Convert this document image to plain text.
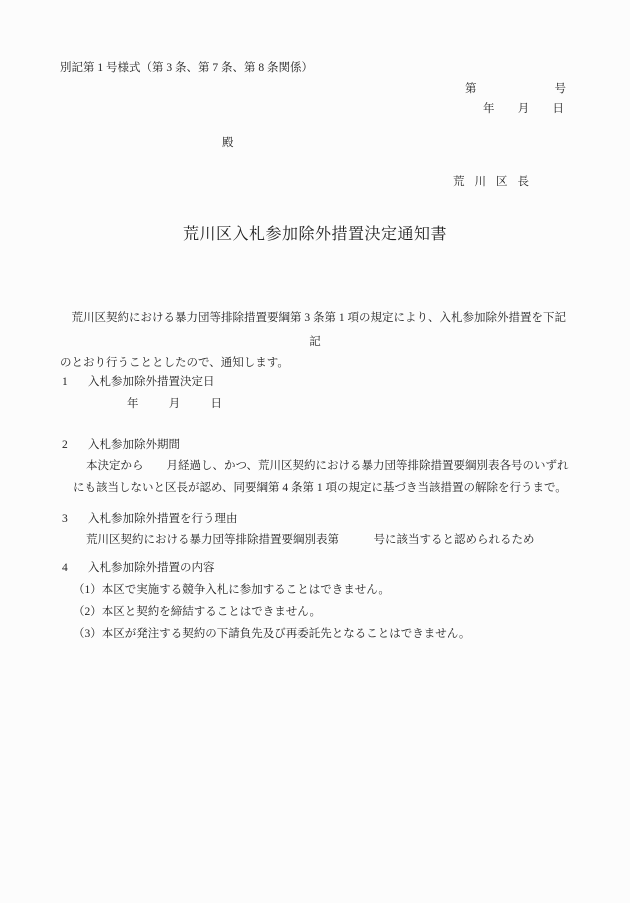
別記第 1 号様式（第 3 条、第 7 条、第 8 条関係）
第	号
年 月 日
殿
荒川区長
荒川区入札参加除外措置決定通知書

　荒川区契約における暴力団等排除措置要綱第 3 条第 1 項の規定により、入札参加除外措置を下記

のとおり行うこととしたので、通知します。

記
1 入札参加除外措置決定日
年	月	日
2 入札参加除外期間
本決定から　　月経過し、かつ、荒川区契約における暴力団等排除措置要綱別表各号のいずれ
にも該当しないと区長が認め、同要綱第 4 条第 1 項の規定に基づき当該措置の解除を行うまで。
3 入札参加除外措置を行う理由
荒川区契約における暴力団等排除措置要綱別表第　　　号に該当すると認められるため
4 入札参加除外措置の内容
（1）本区で実施する競争入札に参加することはできません。
（2）本区と契約を締結することはできません。
（3）本区が発注する契約の下請負先及び再委託先となることはできません。
